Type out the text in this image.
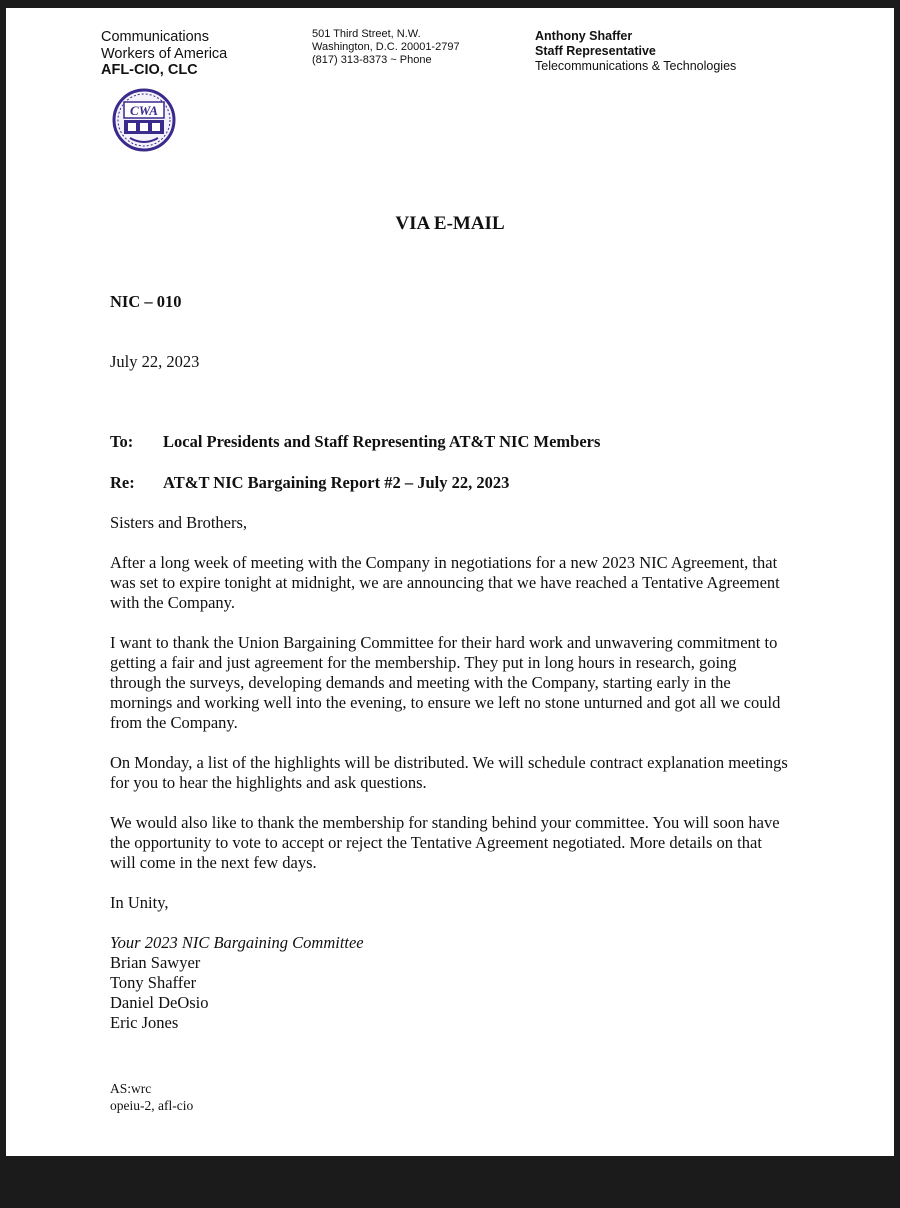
Communications
Workers of America
AFL-CIO, CLC
501 Third Street, N.W.
Washington, D.C. 20001-2797
(817) 313-8373 ~ Phone
Anthony Shaffer
Staff Representative
Telecommunications & Technologies
CWA
VIA E-MAIL
NIC – 010
July 22, 2023
To: Local Presidents and Staff Representing AT&T NIC Members
Re: AT&T NIC Bargaining Report #2 – July 22, 2023

Sisters and Brothers,

After a long week of meeting with the Company in negotiations for a new 2023 NIC Agreement, that was set to expire tonight at midnight, we are announcing that we have reached a Tentative Agreement with the Company.

I want to thank the Union Bargaining Committee for their hard work and unwavering commitment to getting a fair and just agreement for the membership. They put in long hours in research, going through the surveys, developing demands and meeting with the Company, starting early in the mornings and working well into the evening, to ensure we left no stone unturned and got all we could from the Company.

On Monday, a list of the highlights will be distributed. We will schedule contract explanation meetings for you to hear the highlights and ask questions.

We would also like to thank the membership for standing behind your committee. You will soon have the opportunity to vote to accept or reject the Tentative Agreement negotiated. More details on that will come in the next few days.

In Unity,
Your 2023 NIC Bargaining Committee
Brian Sawyer
Tony Shaffer
Daniel DeOsio
Eric Jones
AS:wrc
opeiu-2, afl-cio
